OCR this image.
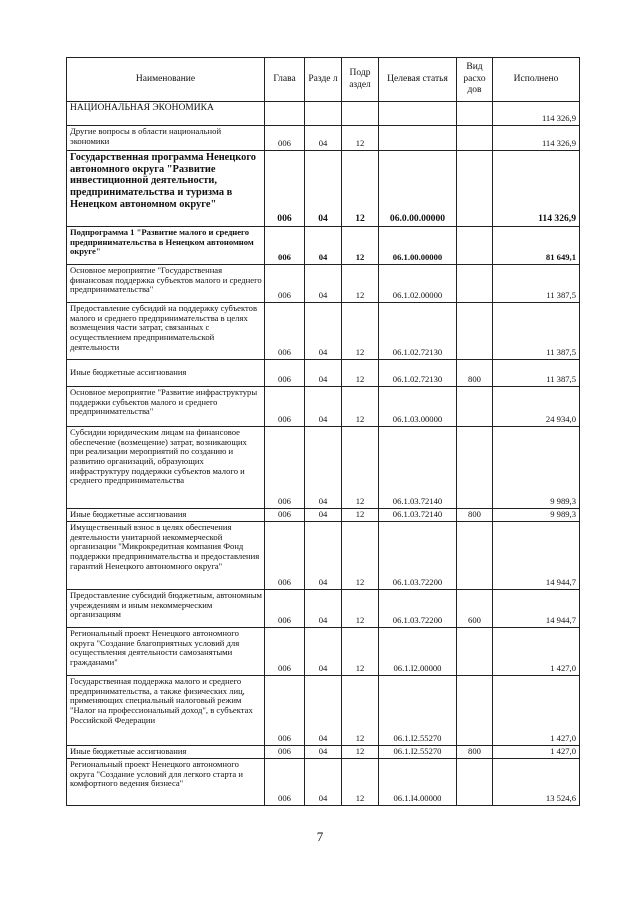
Наименование	Глава	Разде л	Подр аздел	Целевая статья	Вид расхо дов	Исполнено
НАЦИОНАЛЬНАЯ ЭКОНОМИКА						114 326,9
Другие вопросы в области национальной экономики	006	04	12			114 326,9
Государственная программа Ненецкого автономного округа "Развитие инвестиционной деятельности, предпринимательства и туризма в Ненецком автономном округе"	006	04	12	06.0.00.00000		114 326,9
Подпрограмма 1 "Развитие малого и среднего предпринимательства в Ненецком автономном округе"	006	04	12	06.1.00.00000		81 649,1
Основное мероприятие "Государственная финансовая поддержка субъектов малого и среднего предпринимательства"	006	04	12	06.1.02.00000		11 387,5
Предоставление субсидий на поддержку субъектов малого и среднего предпринимательства в целях возмещения части затрат, связанных с осуществлением предпринимательской деятельности	006	04	12	06.1.02.72130		11 387,5
Иные бюджетные ассигнования	006	04	12	06.1.02.72130	800	11 387,5
Основное мероприятие "Развитие инфраструктуры поддержки субъектов малого и среднего предпринимательства"	006	04	12	06.1.03.00000		24 934,0
Субсидии юридическим лицам на финансовое обеспечение (возмещение) затрат, возникающих при реализации мероприятий по созданию и развитию организаций, образующих инфраструктуру поддержки субъектов малого и среднего предпринимательства	006	04	12	06.1.03.72140		9 989,3
Иные бюджетные ассигнования	006	04	12	06.1.03.72140	800	9 989,3
Имущественный взнос в целях обеспечения деятельности унитарной некоммерческой организации "Микрокредитная компания Фонд поддержки предпринимательства и предоставления гарантий Ненецкого автономного округа"	006	04	12	06.1.03.72200		14 944,7
Предоставление субсидий бюджетным, автономным учреждениям и иным некоммерческим организациям	006	04	12	06.1.03.72200	600	14 944,7
Региональный проект Ненецкого автономного округа "Создание благоприятных условий для осуществления деятельности самозанятыми гражданами"	006	04	12	06.1.I2.00000		1 427,0
Государственная поддержка малого и среднего предпринимательства, а также физических лиц, применяющих специальный налоговый режим "Налог на профессиональный доход", в субъектах Российской Федерации	006	04	12	06.1.I2.55270		1 427,0
Иные бюджетные ассигнования	006	04	12	06.1.I2.55270	800	1 427,0
Региональный проект Ненецкого автономного округа "Создание условий для легкого старта и комфортного ведения бизнеса"	006	04	12	06.1.I4.00000		13 524,6
7
